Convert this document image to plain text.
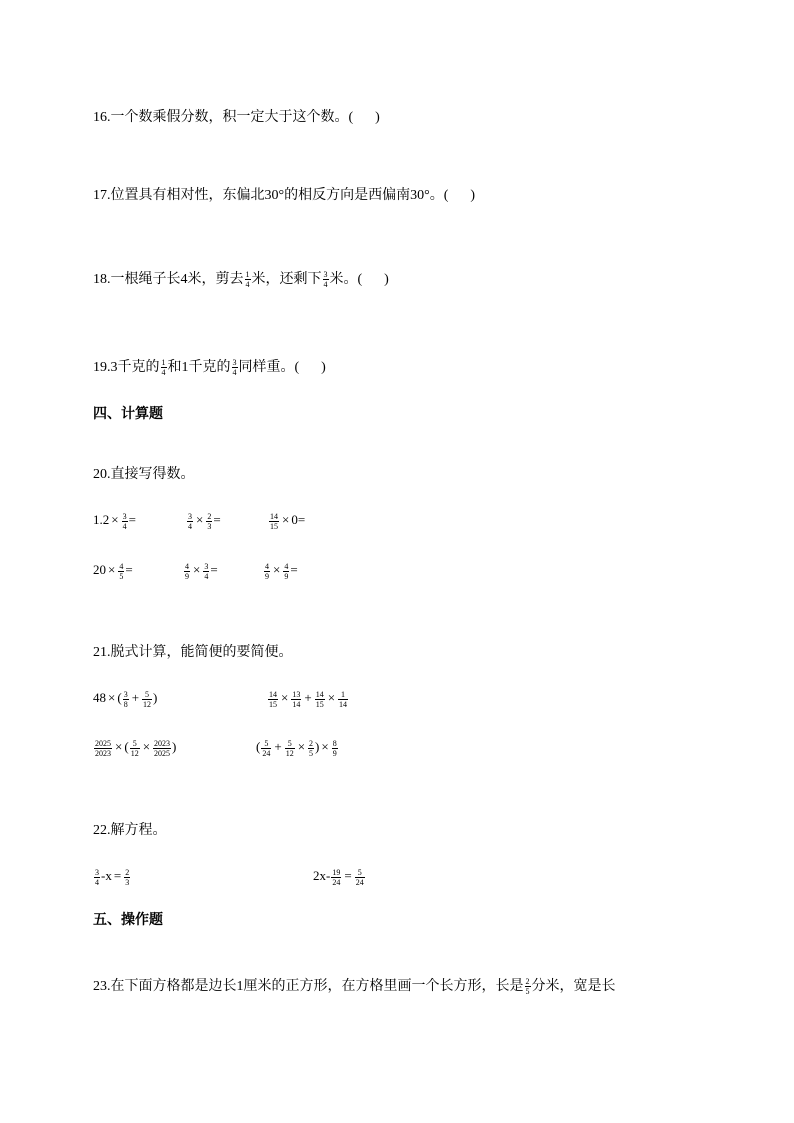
16.一个数乘假分数，积一定大于这个数。( )
17.位置具有相对性，东偏北30°的相反方向是西偏南30°。( )
18.一根绳子长4米，剪去 $\frac{1}{4}$ 米，还剩下 $\frac{3}{4}$ 米。( )
19.3千克的 $\frac{1}{4}$ 和1千克的 $\frac{3}{4}$ 同样重。( )
四、计算题
20.直接写得数。
$1.2 \times \frac{3}{4}$ =	$\frac{3}{4} \times \frac{2}{3}$ =	$\frac{14}{15} \times 0=$
$20 \times \frac{4}{5}$ =	$\frac{4}{9} \times \frac{3}{4}$ =	$\frac{4}{9} \times \frac{4}{9}$ =
21.脱式计算，能简便的要简便。
48 × ( $\frac{3}{8} + \frac{5}{12}$ )	$\frac{14}{15} \times \frac{13}{14} + \frac{14}{15} \times \frac{1}{14}$
$\frac{2025}{2023}$ × ( $\frac{5}{12} \times \frac{2023}{2025}$ )	( $\frac{5}{24} + \frac{5}{12} \times \frac{2}{5}$ ) × $\frac{8}{9}$
22.解方程。
$\frac{3}{4} -x = \frac{2}{3}$	$2x- \frac{19}{24} = \frac{5}{24}$
五、操作题
23.在下面方格都是边长1厘米的正方形，在方格里画一个长方形，长是 $\frac{2}{5}$ 分米，宽是长
